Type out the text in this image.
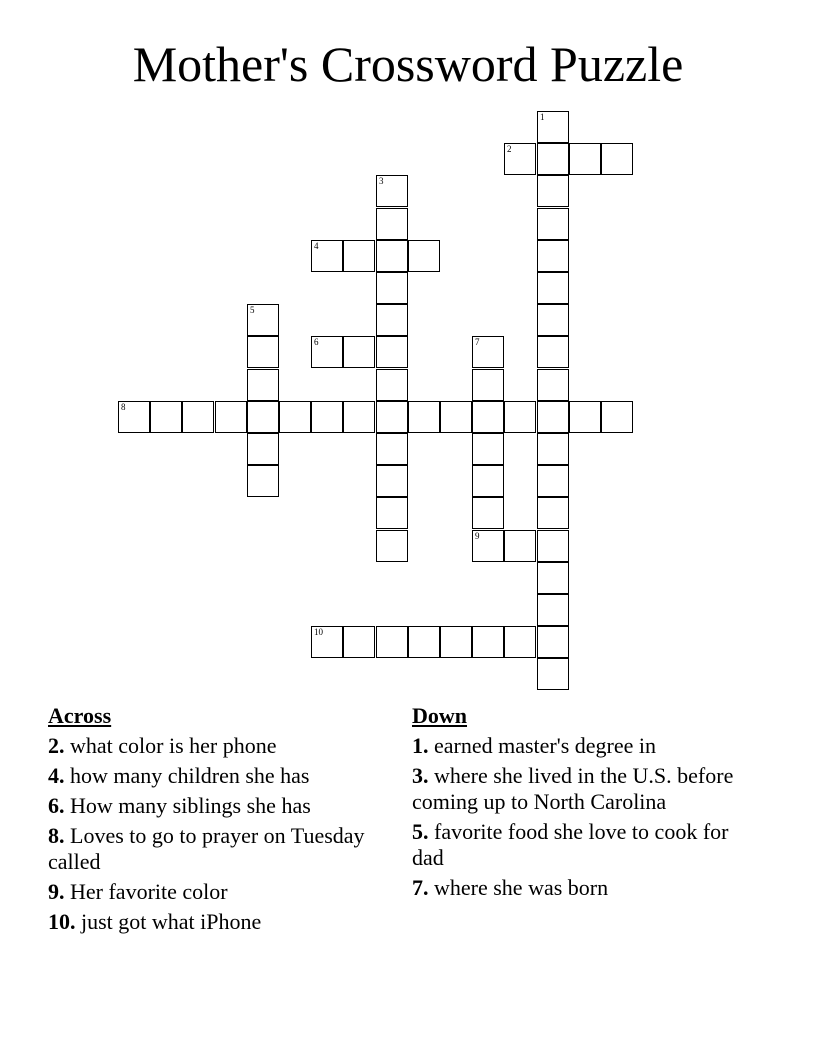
Mother's Crossword Puzzle
1
2
3
4
5
6	7
9
8
10
Across
2. what color is her phone
4. how many children she has
6. How many siblings she has
8. Loves to go to prayer on Tuesday called
9. Her favorite color
10. just got what iPhone
Down
1. earned master's degree in
3. where she lived in the U.S. before coming up to North Carolina
5. favorite food she love to cook for dad
7. where she was born
